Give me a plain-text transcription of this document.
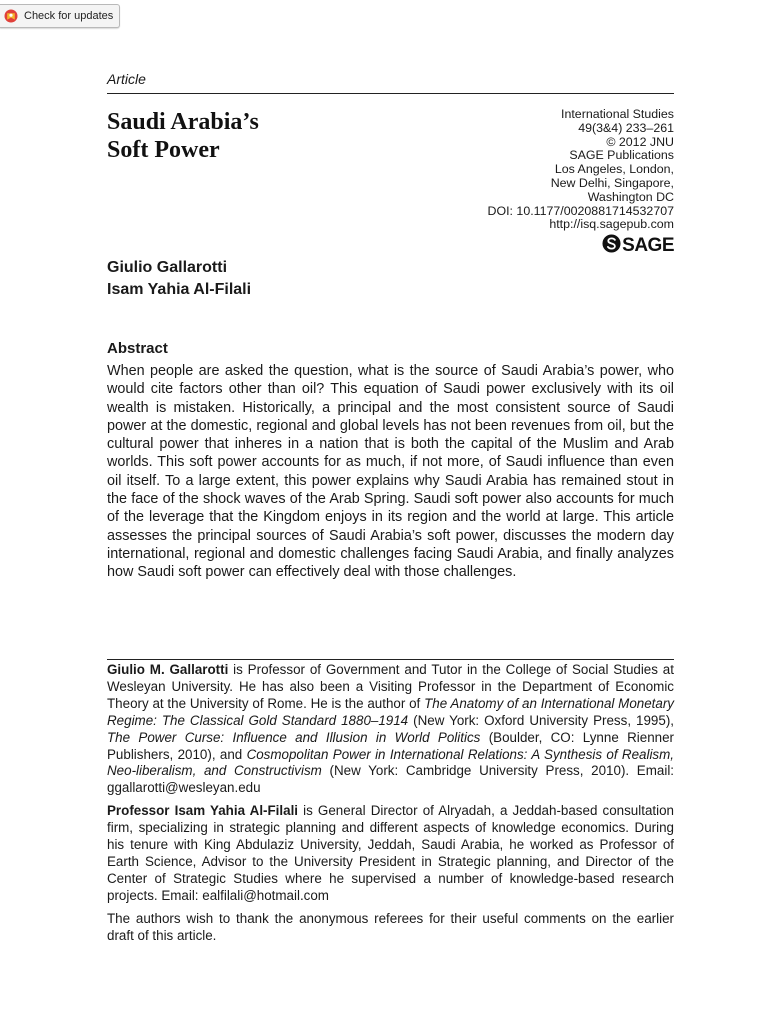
Check for updates
Article
Saudi Arabia’s
Soft Power
International Studies
49(3&4) 233–261
© 2012 JNU
SAGE Publications
Los Angeles, London,
New Delhi, Singapore,
Washington DC
DOI: 10.1177/0020881714532707
http://isq.sagepub.com
SAGE
Giulio Gallarotti
Isam Yahia Al-Filali
Abstract

When people are asked the question, what is the source of Saudi Arabia’s power, who would cite factors other than oil? This equation of Saudi power exclusively with its oil wealth is mistaken. Historically, a principal and the most consistent source of Saudi power at the domestic, regional and global levels has not been revenues from oil, but the cultural power that inheres in a nation that is both the capital of the Muslim and Arab worlds. This soft power accounts for as much, if not more, of Saudi influence than even oil itself. To a large extent, this power explains why Saudi Arabia has remained stout in the face of the shock waves of the Arab Spring. Saudi soft power also accounts for much of the leverage that the Kingdom enjoys in its region and the world at large. This article assesses the principal sources of Saudi Arabia’s soft power, discusses the modern day international, regional and domestic challenges facing Saudi Arabia, and finally analyzes how Saudi soft power can effectively deal with those challenges.

Giulio M. Gallarotti is Professor of Government and Tutor in the College of Social Studies at Wesleyan University. He has also been a Visiting Professor in the Department of Economic Theory at the University of Rome. He is the author of The Anatomy of an International Monetary Regime: The Classical Gold Standard 1880–1914 (New York: Oxford University Press, 1995), The Power Curse: Influence and Illusion in World Politics (Boulder, CO: Lynne Rienner Publishers, 2010), and Cosmopolitan Power in International Relations: A Synthesis of Realism, Neo-liberalism, and Constructivism (New York: Cambridge University Press, 2010). Email: ggallarotti@wesleyan.edu

Professor Isam Yahia Al-Filali is General Director of Alryadah, a Jeddah-based consultation firm, specializing in strategic planning and different aspects of knowledge economics. During his tenure with King Abdulaziz University, Jeddah, Saudi Arabia, he worked as Professor of Earth Science, Advisor to the University President in Strategic planning, and Director of the Center of Strategic Studies where he supervised a number of knowledge-based research projects. Email: ealfilali@hotmail.com

The authors wish to thank the anonymous referees for their useful comments on the earlier draft of this article.
